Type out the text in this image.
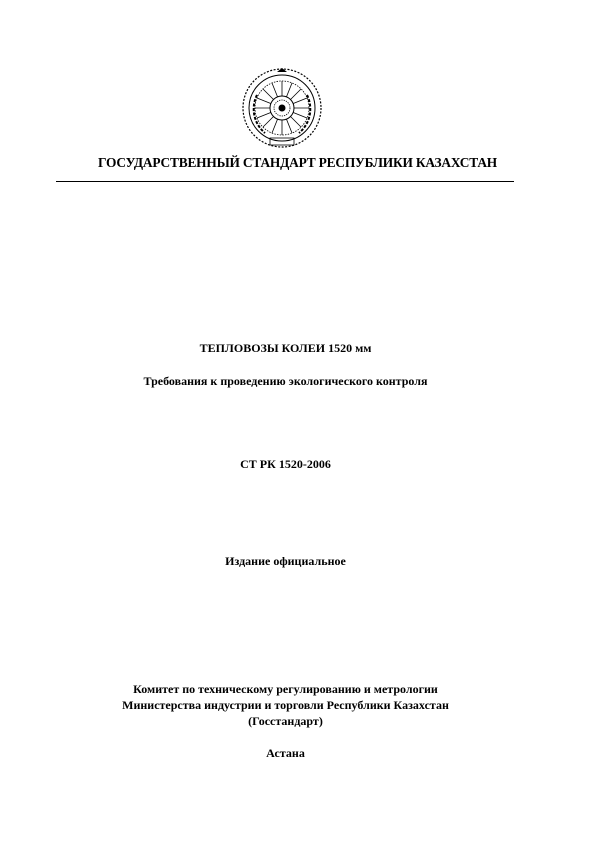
ГОСУДАРСТВЕННЫЙ СТАНДАРТ РЕСПУБЛИКИ КАЗАХСТАН
ТЕПЛОВОЗЫ КОЛЕИ 1520 мм
Требования к проведению экологического контроля
СТ РК 1520-2006
Издание официальное
Комитет по техническому регулированию и метрологии
Министерства индустрии и торговли Республики Казахстан
(Госстандарт)
Астана
